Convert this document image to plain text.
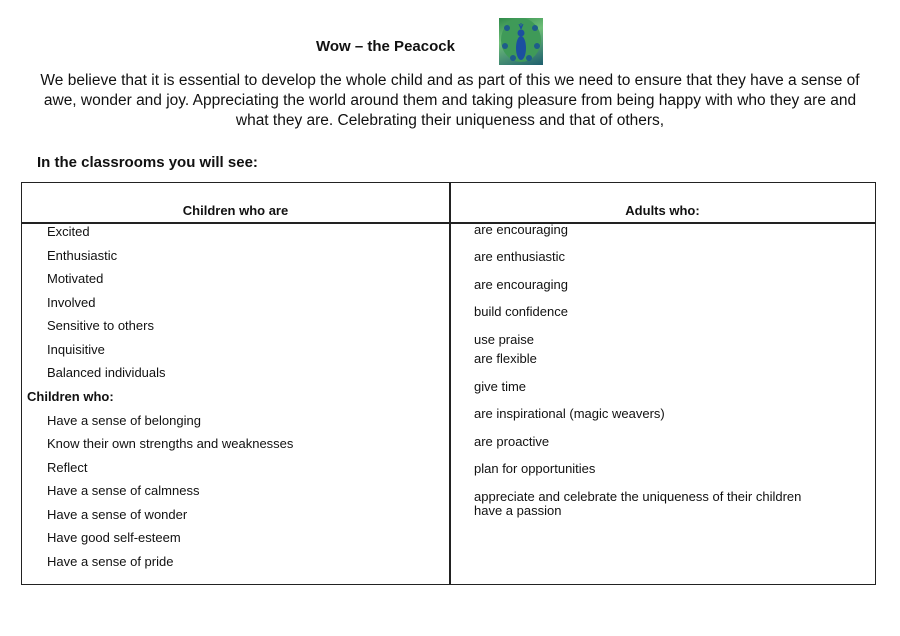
Wow – the Peacock
We believe that it is essential to develop the whole child and as part of this we need to ensure that they have a sense of
awe, wonder and joy. Appreciating the world around them and taking pleasure from being happy with who they are and
what they are. Celebrating their uniqueness and that of others,
In the classrooms you will see:
Children who are	Adults who:
Excited
Enthusiastic
Motivated
Involved
Sensitive to others
Inquisitive
Balanced individuals
Children who:
Have a sense of belonging
Know their own strengths and weaknesses
Reflect
Have a sense of calmness
Have a sense of wonder
Have good self-esteem
Have a sense of pride
are encouraging
are enthusiastic
are encouraging
build confidence
use praise
are flexible
give time
are inspirational (magic weavers)
are proactive
plan for opportunities
appreciate and celebrate the uniqueness of their children
have a passion
